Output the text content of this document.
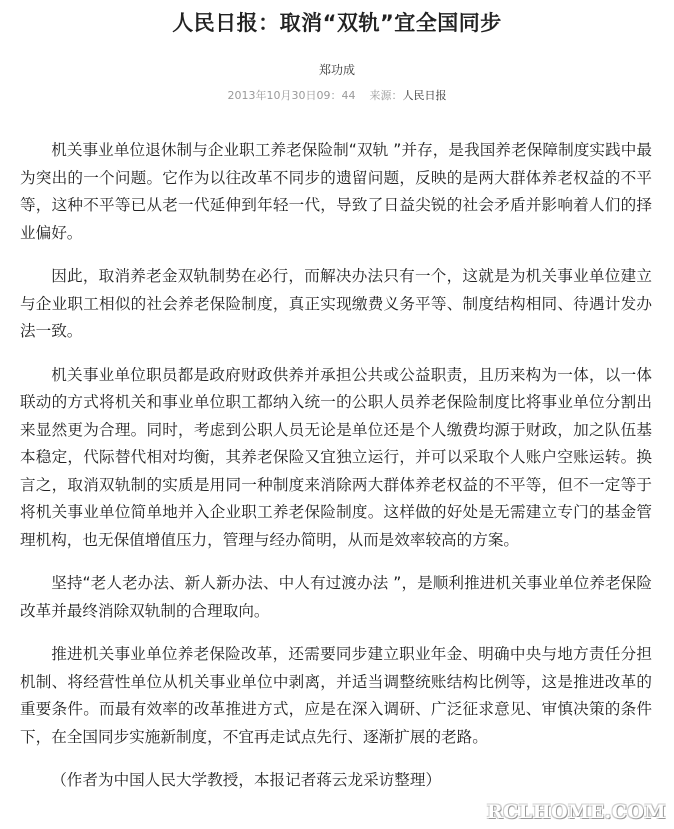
人民日报：取消“双轨”宜全国同步
郑功成
2013年10月30日09：44 来源：人民日报

机关事业单位退休制与企业职工养老保险制“双轨 ”并存，是我国养老保障制度实践中最为突出的一个问题。它作为以往改革不同步的遗留问题，反映的是两大群体养老权益的不平等，这种不平等已从老一代延伸到年轻一代，导致了日益尖锐的社会矛盾并影响着人们的择业偏好。

因此，取消养老金双轨制势在必行，而解决办法只有一个，这就是为机关事业单位建立与企业职工相似的社会养老保险制度，真正实现缴费义务平等、制度结构相同、待遇计发办法一致。

机关事业单位职员都是政府财政供养并承担公共或公益职责，且历来构为一体，以一体联动的方式将机关和事业单位职工都纳入统一的公职人员养老保险制度比将事业单位分割出来显然更为合理。同时，考虑到公职人员无论是单位还是个人缴费均源于财政，加之队伍基本稳定，代际替代相对均衡，其养老保险又宜独立运行，并可以采取个人账户空账运转。换言之，取消双轨制的实质是用同一种制度来消除两大群体养老权益的不平等，但不一定等于将机关事业单位简单地并入企业职工养老保险制度。这样做的好处是无需建立专门的基金管理机构，也无保值增值压力，管理与经办简明，从而是效率较高的方案。

坚持“老人老办法、新人新办法、中人有过渡办法 ”，是顺利推进机关事业单位养老保险改革并最终消除双轨制的合理取向。

推进机关事业单位养老保险改革，还需要同步建立职业年金、明确中央与地方责任分担机制、将经营性单位从机关事业单位中剥离，并适当调整统账结构比例等，这是推进改革的重要条件。而最有效率的改革推进方式，应是在深入调研、广泛征求意见、审慎决策的条件下，在全国同步实施新制度，不宜再走试点先行、逐渐扩展的老路。

（作者为中国人民大学教授，本报记者蒋云龙采访整理）

RCLHOME.COM
